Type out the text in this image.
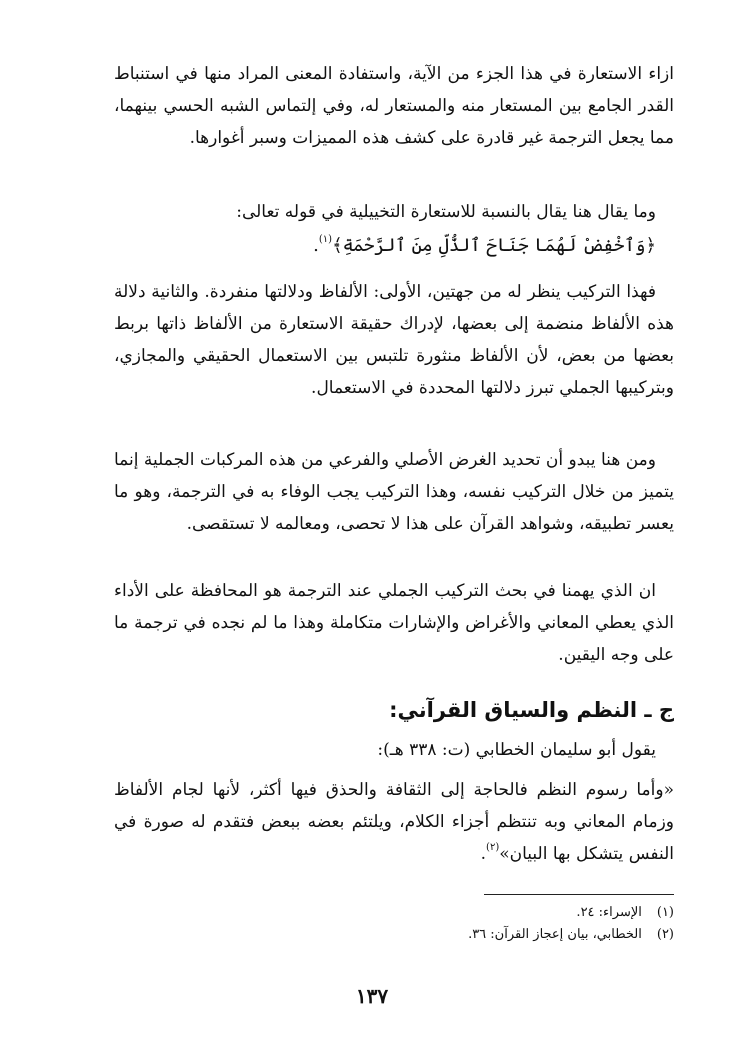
ازاء الاستعارة في هذا الجزء من الآية، واستفادة المعنى المراد منها في استنباط القدر الجامع بين المستعار منه والمستعار له، وفي إلتماس الشبه الحسي بينهما، مما يجعل الترجمة غير قادرة على كشف هذه المميزات وسبر أغوارها.

وما يقال هنا يقال بالنسبة للاستعارة التخييلية في قوله تعالى:

﴿وَٱخْفِضْ لَهُمَا جَنَاحَ ٱلذُّلِّ مِنَ ٱلرَّحْمَةِ﴾$^{(١)}$.

فهذا التركيب ينظر له من جهتين، الأولى: الألفاظ ودلالتها منفردة. والثانية دلالة هذه الألفاظ منضمة إلى بعضها، لإدراك حقيقة الاستعارة من الألفاظ ذاتها بربط بعضها من بعض، لأن الألفاظ منثورة تلتبس بين الاستعمال الحقيقي والمجازي، وبتركيبها الجملي تبرز دلالتها المحددة في الاستعمال.

ومن هنا يبدو أن تحديد الغرض الأصلي والفرعي من هذه المركبات الجملية إنما يتميز من خلال التركيب نفسه، وهذا التركيب يجب الوفاء به في الترجمة، وهو ما يعسر تطبيقه، وشواهد القرآن على هذا لا تحصى، ومعالمه لا تستقصى.

ان الذي يهمنا في بحث التركيب الجملي عند الترجمة هو المحافظة على الأداء الذي يعطي المعاني والأغراض والإشارات متكاملة وهذا ما لم نجده في ترجمة ما على وجه اليقين.

ج ـ النظم والسياق القرآني:

يقول أبو سليمان الخطابي (ت: ٣٣٨ هـ):

«وأما رسوم النظم فالحاجة إلى الثقافة والحذق فيها أكثر، لأنها لجام الألفاظ وزمام المعاني وبه تنتظم أجزاء الكلام، ويلتئم بعضه ببعض فتقدم له صورة في النفس يتشكل بها البيان»$^{(٢)}$.

(١) الإسراء: ٢٤.

(٢) الخطابي، بيان إعجاز القرآن: ٣٦.

١٣٧
